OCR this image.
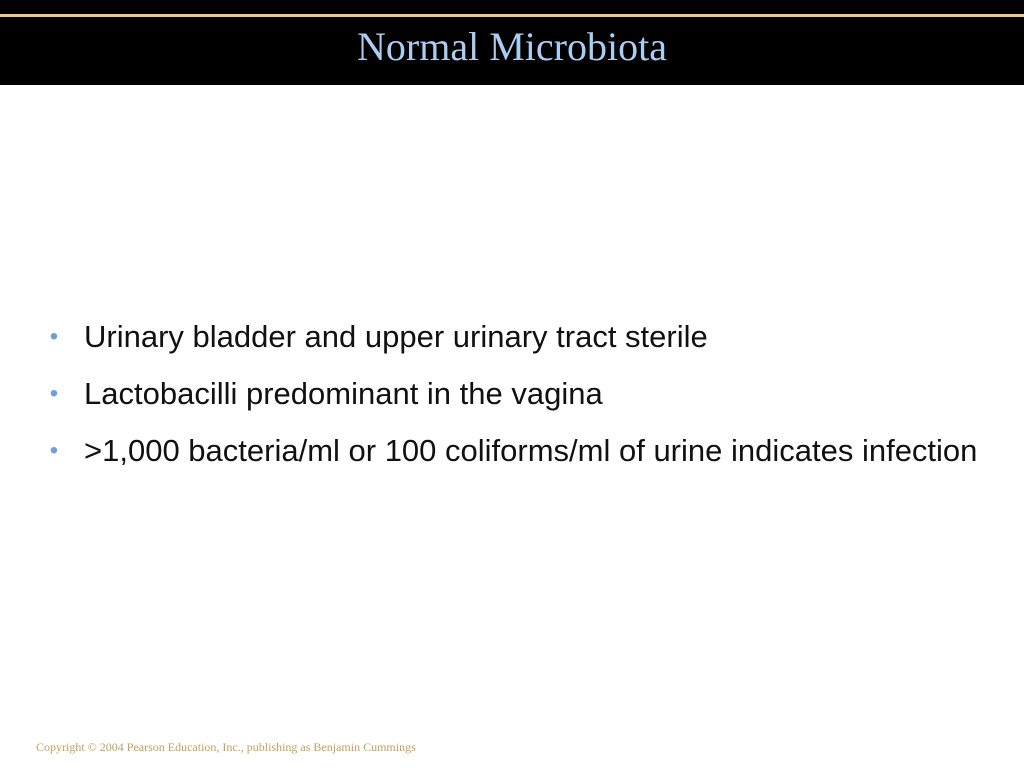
Normal Microbiota
• Urinary bladder and upper urinary tract sterile
• Lactobacilli predominant in the vagina
• >1,000 bacteria/ml or 100 coliforms/ml of urine indicates infection

Copyright © 2004 Pearson Education, Inc., publishing as Benjamin Cummings
